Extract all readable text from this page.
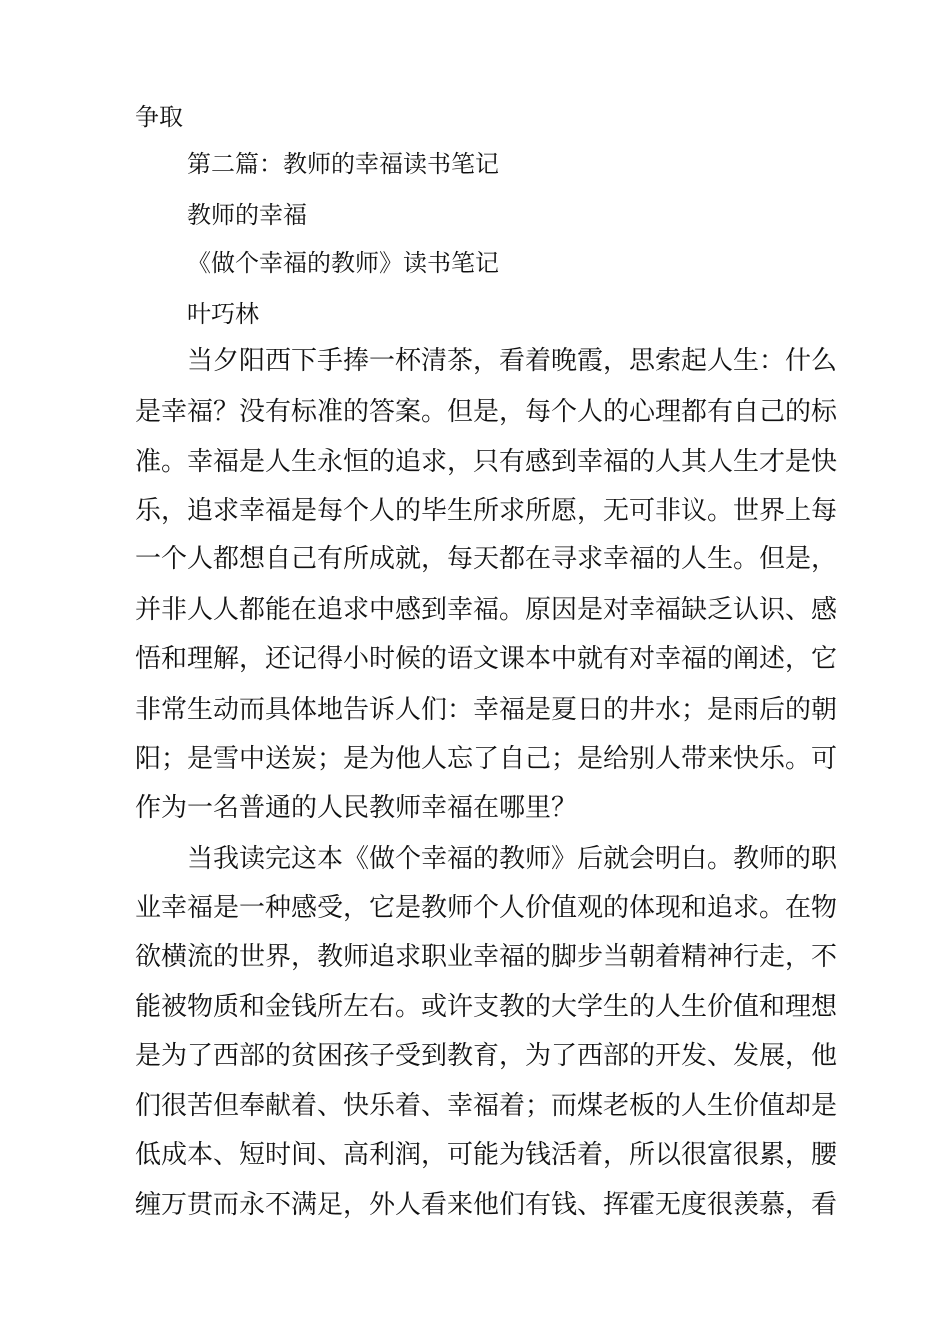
争取
第二篇：教师的幸福读书笔记
教师的幸福
《做个幸福的教师》读书笔记
叶巧林
当夕阳西下手捧一杯清茶，看着晚霞，思索起人生：什么
是幸福？没有标准的答案。但是，每个人的心理都有自己的标
准。幸福是人生永恒的追求，只有感到幸福的人其人生才是快
乐，追求幸福是每个人的毕生所求所愿，无可非议。世界上每
一个人都想自己有所成就，每天都在寻求幸福的人生。但是，
并非人人都能在追求中感到幸福。原因是对幸福缺乏认识、感
悟和理解，还记得小时候的语文课本中就有对幸福的阐述，它
非常生动而具体地告诉人们：幸福是夏日的井水；是雨后的朝
阳；是雪中送炭；是为他人忘了自己；是给别人带来快乐。可
作为一名普通的人民教师幸福在哪里？
当我读完这本《做个幸福的教师》后就会明白。教师的职
业幸福是一种感受，它是教师个人价值观的体现和追求。在物
欲横流的世界，教师追求职业幸福的脚步当朝着精神行走，不
能被物质和金钱所左右。或许支教的大学生的人生价值和理想
是为了西部的贫困孩子受到教育，为了西部的开发、发展，他
们很苦但奉献着、快乐着、幸福着；而煤老板的人生价值却是
低成本、短时间、高利润，可能为钱活着，所以很富很累，腰
缠万贯而永不满足，外人看来他们有钱、挥霍无度很羡慕，看
